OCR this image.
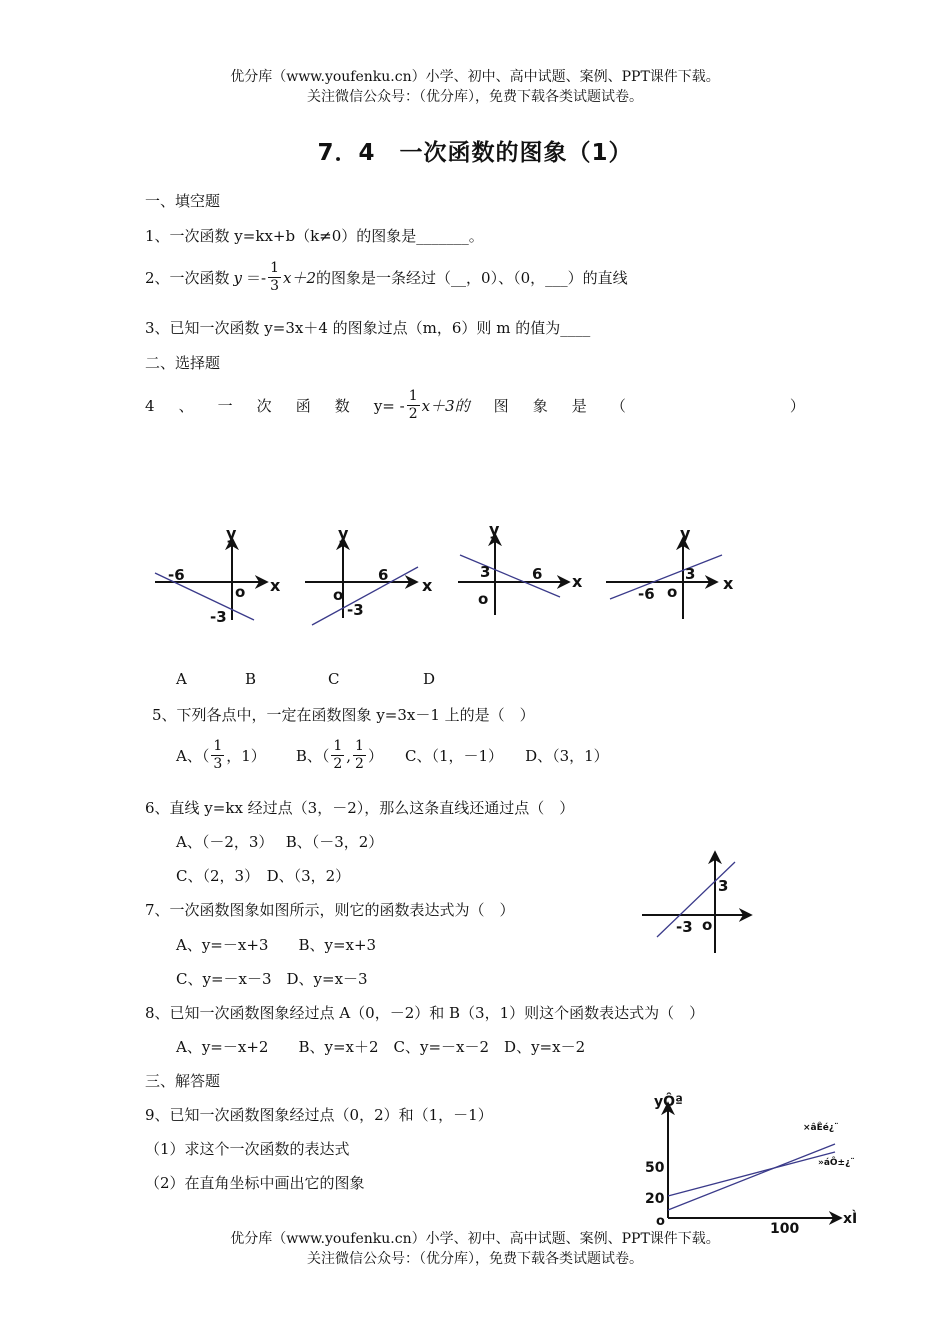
优分库（www.youfenku.cn）小学、初中、高中试题、案例、PPT课件下载。
关注微信公众号：（优分库），免费下载各类试题试卷。
7．4　一次函数的图象（1）
一、填空题
1、一次函数 y=kx+b（k≠0）的图象是_______。
2、一次函数 $y =- \frac{1}{3} x+2$ 的图象是一条经过（__，0）、（0，___）的直线
3、已知一次函数 y=3x＋4 的图象过点（m，6）则 m 的值为____
二、选择题
4 、 一 次 函 数 $y= - \frac{1}{2} x+3$的 图 象 是 （	）
y
x
o
-6
-3
y
x
o
6
-3
y
x
o
3	6
y
x
o
-6
3
A	B	C	D
5、下列各点中，一定在函数图象 y=3x－1 上的是（　）
A、（ $\frac{1}{3}$ ，1） B、（ $\frac{1}{2}$ , $\frac{1}{2}$ ） C、（1，－1） D、（3，1）
6、直线 y=kx 经过点（3，－2），那么这条直线还通过点（　）
A、（－2，3）　 B、（－3，2）
C、（2，3）　D、（3，2）
7、一次函数图象如图所示，则它的函数表达式为（　）
A、y=－x+3　　B、y=x+3
C、y=－x－3　D、y=x－3
3
-3 o
8、已知一次函数图象经过点 A（0，－2）和 B（3，1）则这个函数表达式为（　）
A、y=－x+2　　B、y=x＋2　C、y=－x－2　D、y=x－2
三、解答题
9、已知一次函数图象经过点（0，2）和（1，－1）
（1）求这个一次函数的表达式
（2）在直角坐标中画出它的图象
yÔª
xÌ
o
50
20
100
×âÊé¿¨
»áÔ±¿¨
优分库（www.youfenku.cn）小学、初中、高中试题、案例、PPT课件下载。
关注微信公众号：（优分库），免费下载各类试题试卷。
